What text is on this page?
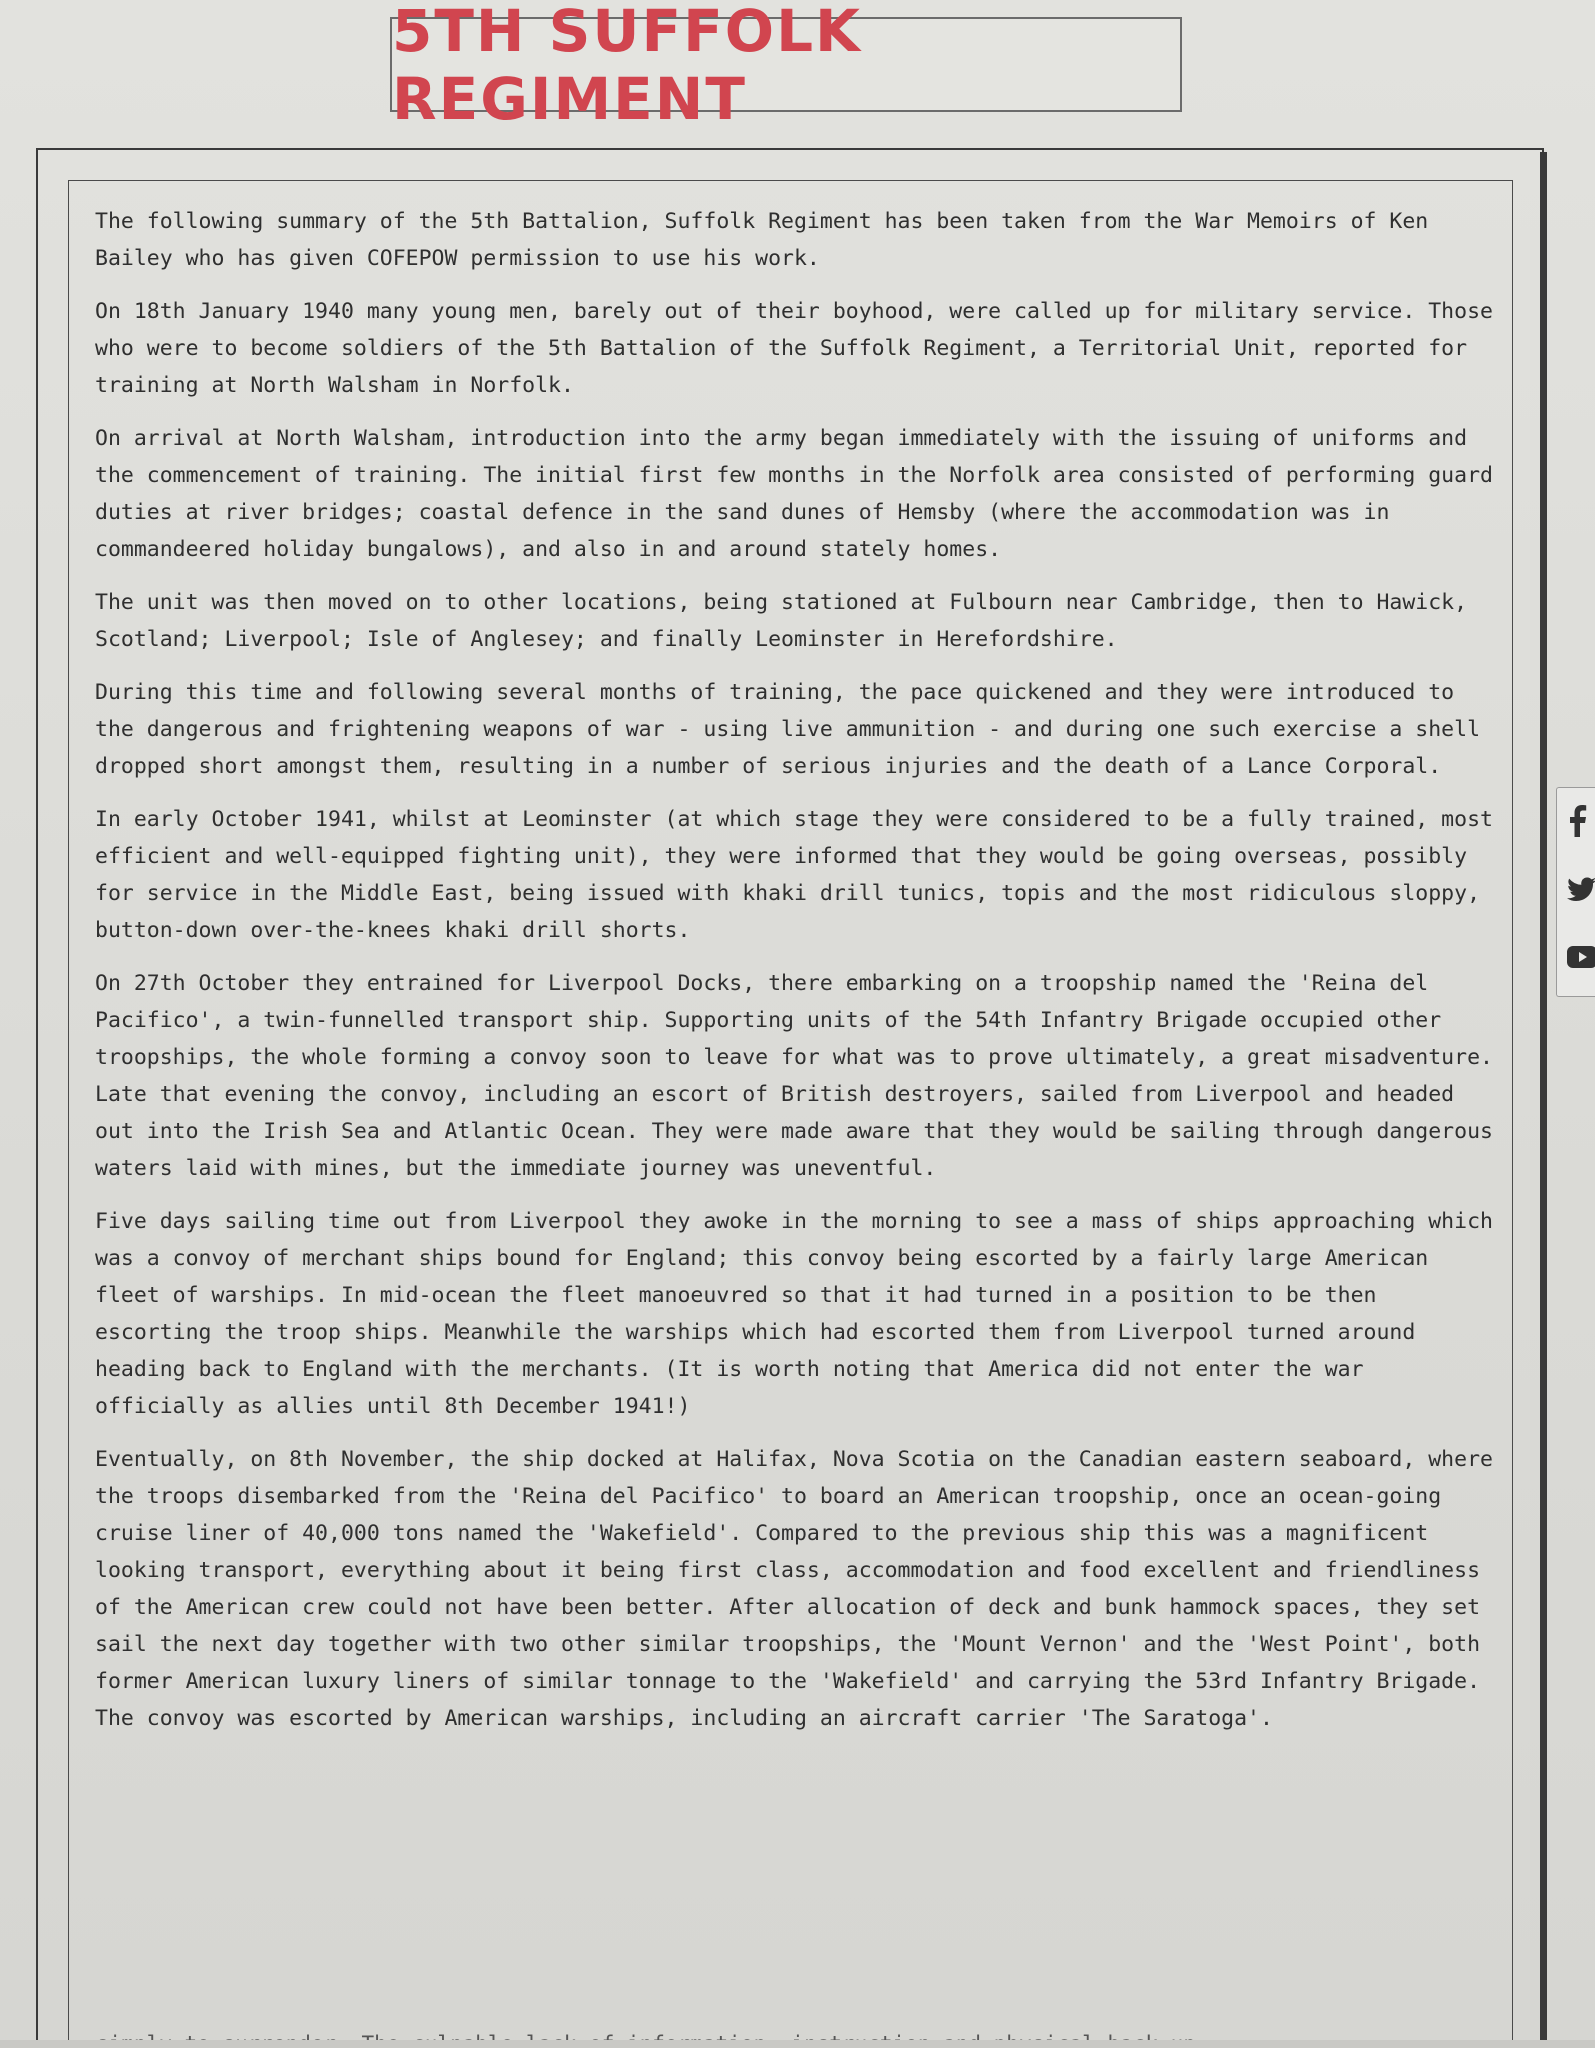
5TH SUFFOLK REGIMENT

The following summary of the 5th Battalion, Suffolk Regiment has been taken from the War Memoirs of Ken Bailey who has given COFEPOW permission to use his work.

On 18th January 1940 many young men, barely out of their boyhood, were called up for military service. Those who were to become soldiers of the 5th Battalion of the Suffolk Regiment, a Territorial Unit, reported for training at North Walsham in Norfolk.

On arrival at North Walsham, introduction into the army began immediately with the issuing of uniforms and the commencement of training. The initial first few months in the Norfolk area consisted of performing guard duties at river bridges; coastal defence in the sand dunes of Hemsby (where the accommodation was in commandeered holiday bungalows), and also in and around stately homes.

The unit was then moved on to other locations, being stationed at Fulbourn near Cambridge, then to Hawick, Scotland; Liverpool; Isle of Anglesey; and finally Leominster in Herefordshire.

During this time and following several months of training, the pace quickened and they were introduced to the dangerous and frightening weapons of war - using live ammunition - and during one such exercise a shell dropped short amongst them, resulting in a number of serious injuries and the death of a Lance Corporal.

In early October 1941, whilst at Leominster (at which stage they were considered to be a fully trained, most efficient and well-equipped fighting unit), they were informed that they would be going overseas, possibly for service in the Middle East, being issued with khaki drill tunics, topis and the most ridiculous sloppy, button-down over-the-knees khaki drill shorts.

On 27th October they entrained for Liverpool Docks, there embarking on a troopship named the 'Reina del Pacifico', a twin-funnelled transport ship. Supporting units of the 54th Infantry Brigade occupied other troopships, the whole forming a convoy soon to leave for what was to prove ultimately, a great misadventure. Late that evening the convoy, including an escort of British destroyers, sailed from Liverpool and headed out into the Irish Sea and Atlantic Ocean. They were made aware that they would be sailing through dangerous waters laid with mines, but the immediate journey was uneventful.

Five days sailing time out from Liverpool they awoke in the morning to see a mass of ships approaching which was a convoy of merchant ships bound for England; this convoy being escorted by a fairly large American fleet of warships. In mid-ocean the fleet manoeuvred so that it had turned in a position to be then escorting the troop ships. Meanwhile the warships which had escorted them from Liverpool turned around heading back to England with the merchants. (It is worth noting that America did not enter the war officially as allies until 8th December 1941!)

Eventually, on 8th November, the ship docked at Halifax, Nova Scotia on the Canadian eastern seaboard, where the troops disembarked from the 'Reina del Pacifico' to board an American troopship, once an ocean-going cruise liner of 40,000 tons named the 'Wakefield'. Compared to the previous ship this was a magnificent looking transport, everything about it being first class, accommodation and food excellent and friendliness of the American crew could not have been better. After allocation of deck and bunk hammock spaces, they set sail the next day together with two other similar troopships, the 'Mount Vernon' and the 'West Point', both former American luxury liners of similar tonnage to the 'Wakefield' and carrying the 53rd Infantry Brigade. The convoy was escorted by American warships, including an aircraft carrier 'The Saratoga'.
